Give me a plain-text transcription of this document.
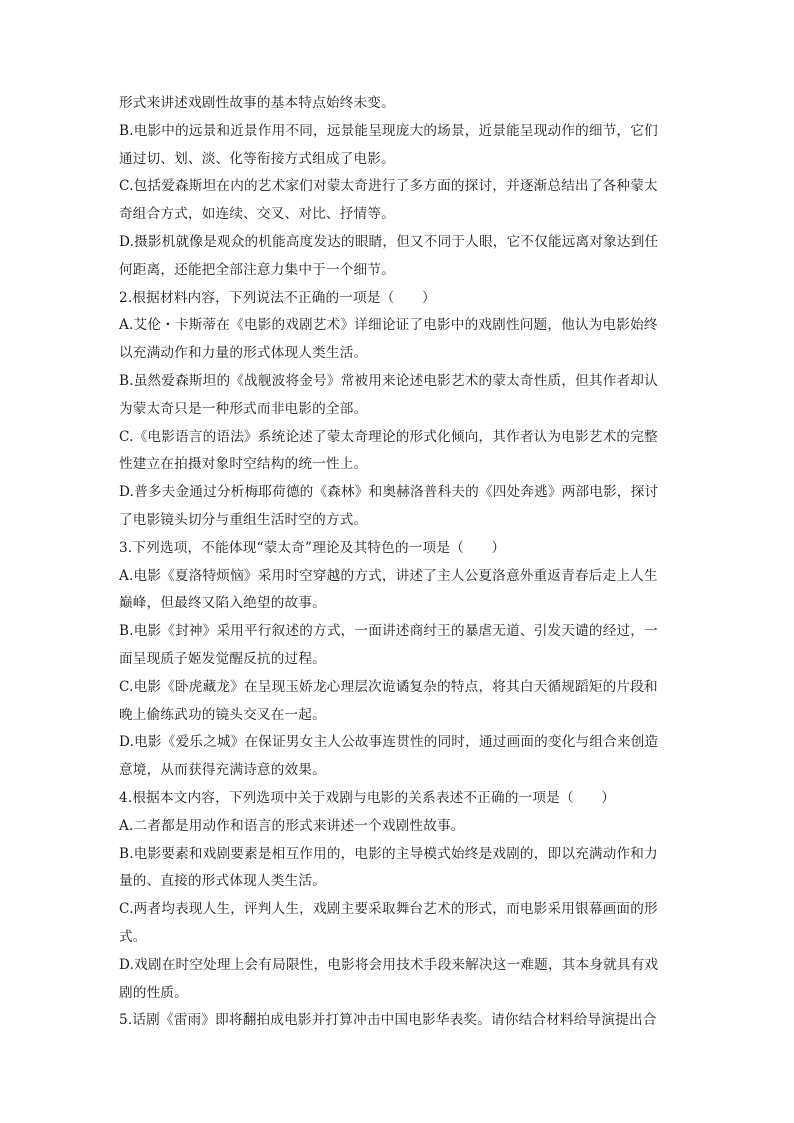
形式来讲述戏剧性故事的基本特点始终未变。
B.电影中的远景和近景作用不同，远景能呈现庞大的场景，近景能呈现动作的细节，它们
通过切、划、淡、化等衔接方式组成了电影。
C.包括爱森斯坦在内的艺术家们对蒙太奇进行了多方面的探讨，并逐渐总结出了各种蒙太
奇组合方式，如连续、交叉、对比、抒情等。
D.摄影机就像是观众的机能高度发达的眼睛，但又不同于人眼，它不仅能远离对象达到任
何距离，还能把全部注意力集中于一个细节。
2.根据材料内容，下列说法不正确的一项是（　　）
A.艾伦・卡斯蒂在《电影的戏剧艺术》详细论证了电影中的戏剧性问题，他认为电影始终
以充满动作和力量的形式体现人类生活。
B.虽然爱森斯坦的《战舰波将金号》常被用来论述电影艺术的蒙太奇性质，但其作者却认
为蒙太奇只是一种形式而非电影的全部。
C.《电影语言的语法》系统论述了蒙太奇理论的形式化倾向，其作者认为电影艺术的完整
性建立在拍摄对象时空结构的统一性上。
D.普多夫金通过分析梅耶荷德的《森林》和奥赫洛普科夫的《四处奔逃》两部电影，探讨
了电影镜头切分与重组生活时空的方式。
3.下列选项，不能体现“蒙太奇”理论及其特色的一项是（　　）
A.电影《夏洛特烦恼》采用时空穿越的方式，讲述了主人公夏洛意外重返青春后走上人生
巅峰，但最终又陷入绝望的故事。
B.电影《封神》采用平行叙述的方式，一面讲述商纣王的暴虐无道、引发天谴的经过，一
面呈现质子姬发觉醒反抗的过程。
C.电影《卧虎藏龙》在呈现玉娇龙心理层次诡谲复杂的特点，将其白天循规蹈矩的片段和
晚上偷练武功的镜头交叉在一起。
D.电影《爱乐之城》在保证男女主人公故事连贯性的同时，通过画面的变化与组合来创造
意境，从而获得充满诗意的效果。
4.根据本文内容，下列选项中关于戏剧与电影的关系表述不正确的一项是（　　）
A.二者都是用动作和语言的形式来讲述一个戏剧性故事。
B.电影要素和戏剧要素是相互作用的，电影的主导模式始终是戏剧的，即以充满动作和力
量的、直接的形式体现人类生活。
C.两者均表现人生，评判人生，戏剧主要采取舞台艺术的形式，而电影采用银幕画面的形
式。
D.戏剧在时空处理上会有局限性，电影将会用技术手段来解决这一难题，其本身就具有戏
剧的性质。
5.话剧《雷雨》即将翻拍成电影并打算冲击中国电影华表奖。请你结合材料给导演提出合
